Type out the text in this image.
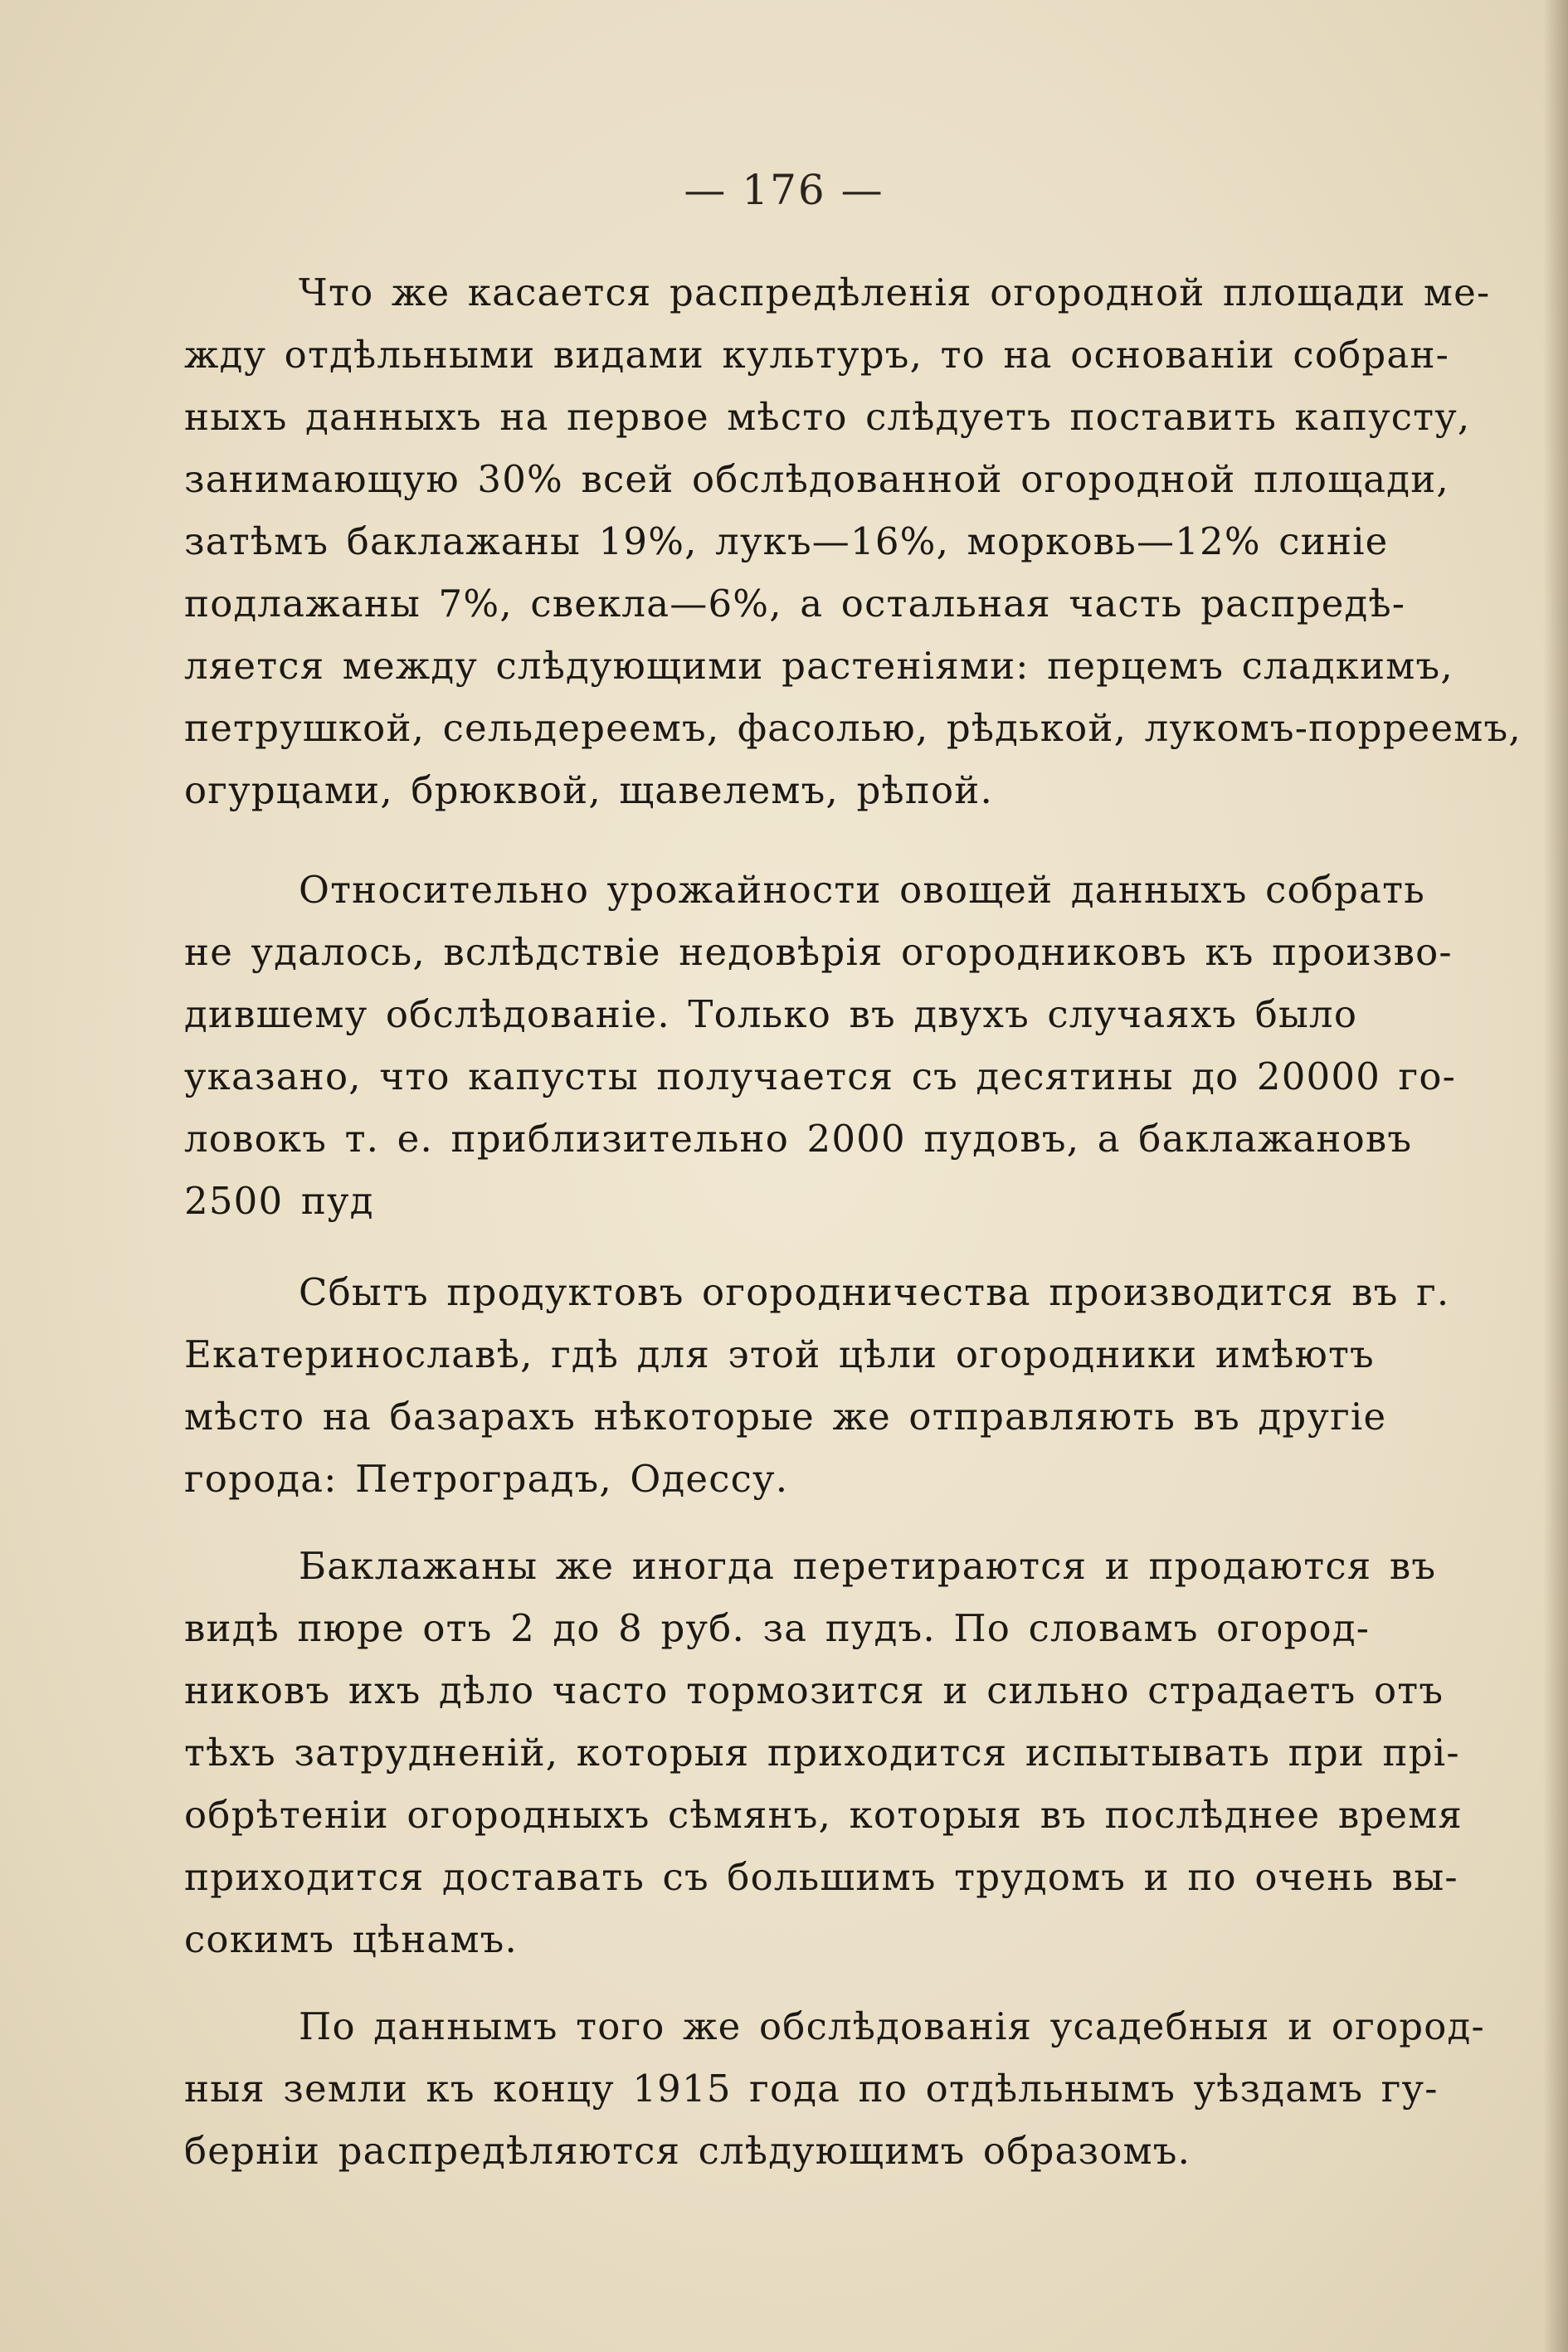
— 176 —

Что же касается распредѣленія огородной площади ме-
жду отдѣльными видами культуръ, то на основаніи собран-
ныхъ данныхъ на первое мѣсто слѣдуетъ поставить капусту,
занимающую 30% всей обслѣдованной огородной площади,
затѣмъ баклажаны 19%, лукъ—16%, морковь—12% синіе
подлажаны 7%, свекла—6%, а остальная часть распредѣ-
ляется между слѣдующими растеніями: перцемъ сладкимъ,
петрушкой, сельдереемъ, фасолью, рѣдькой, лукомъ-порреемъ,
огурцами, брюквой, щавелемъ, рѣпой.

Относительно урожайности овощей данныхъ собрать
не удалось, вслѣдствіе недовѣрія огородниковъ къ произво-
дившему обслѣдованіе. Только въ двухъ случаяхъ было
указано, что капусты получается съ десятины до 20000 го-
ловокъ т. е. приблизительно 2000 пудовъ, а баклажановъ
2500 пуд

Сбытъ продуктовъ огородничества производится въ г.
Екатеринославѣ, гдѣ для этой цѣли огородники имѣютъ
мѣсто на базарахъ нѣкоторые же отправляють въ другіе
города: Петроградъ, Одессу.

Баклажаны же иногда перетираются и продаются въ
видѣ пюре отъ 2 до 8 руб. за пудъ. По словамъ огород-
никовъ ихъ дѣло часто тормозится и сильно страдаетъ отъ
тѣхъ затрудненій, которыя приходится испытывать при прі-
обрѣтеніи огородныхъ сѣмянъ, которыя въ послѣднее время
приходится доставать съ большимъ трудомъ и по очень вы-
сокимъ цѣнамъ.

По даннымъ того же обслѣдованія усадебныя и огород-
ныя земли къ концу 1915 года по отдѣльнымъ уѣздамъ гу-
берніи распредѣляются слѣдующимъ образомъ.
